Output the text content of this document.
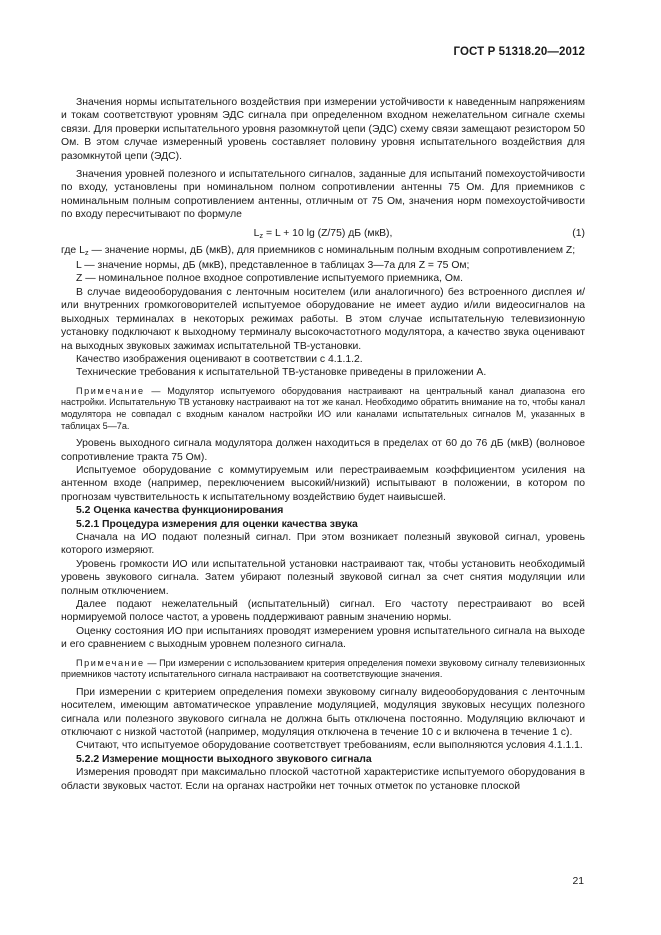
ГОСТ Р 51318.20—2012

Значения нормы испытательного воздействия при измерении устойчивости к наведенным напряжениям и токам соответствуют уровням ЭДС сигнала при определенном входном нежелательном сигнале схемы связи. Для проверки испытательного уровня разомкнутой цепи (ЭДС) схему связи замещают резистором 50 Ом. В этом случае измеренный уровень составляет половину уровня испытательного воздействия для разомкнутой цепи (ЭДС).

Значения уровней полезного и испытательного сигналов, заданные для испытаний помехоустойчивости по входу, установлены при номинальном полном сопротивлении антенны 75 Ом. Для приемников с номинальным полным сопротивлением антенны, отличным от 75 Ом, значения норм помехоустойчивости по входу пересчитывают по формуле

$L_z = L + 10$ lg (Z/75) дБ (мкВ),	(1)

где $L_z$ — значение нормы, дБ (мкВ), для приемников с номинальным полным входным сопротивлением Z;

L — значение нормы, дБ (мкВ), представленное в таблицах 3—7а для Z = 75 Ом;

Z — номинальное полное входное сопротивление испытуемого приемника, Ом.

В случае видеооборудования с ленточным носителем (или аналогичного) без встроенного дисплея и/или внутренних громкоговорителей испытуемое оборудование не имеет аудио и/или видеосигналов на выходных терминалах в некоторых режимах работы. В этом случае испытательную телевизионную установку подключают к выходному терминалу высокочастотного модулятора, а качество звука оценивают на выходных звуковых зажимах испытательной ТВ-установки.

Качество изображения оценивают в соответствии с 4.1.1.2.

Технические требования к испытательной ТВ-установке приведены в приложении А.

Примечание — Модулятор испытуемого оборудования настраивают на центральный канал диапазона его настройки. Испытательную ТВ установку настраивают на тот же канал. Необходимо обратить внимание на то, чтобы канал модулятора не совпадал с входным каналом настройки ИО или каналами испытательных сигналов М, указанных в таблицах 5—7а.

Уровень выходного сигнала модулятора должен находиться в пределах от 60 до 76 дБ (мкВ) (волновое сопротивление тракта 75 Ом).

Испытуемое оборудование с коммутируемым или перестраиваемым коэффициентом усиления на антенном входе (например, переключением высокий/низкий) испытывают в положении, в котором по прогнозам чувствительность к испытательному воздействию будет наивысшей.

5.2 Оценка качества функционирования

5.2.1 Процедура измерения для оценки качества звука

Сначала на ИО подают полезный сигнал. При этом возникает полезный звуковой сигнал, уровень которого измеряют.

Уровень громкости ИО или испытательной установки настраивают так, чтобы установить необходимый уровень звукового сигнала. Затем убирают полезный звуковой сигнал за счет снятия модуляции или полным отключением.

Далее подают нежелательный (испытательный) сигнал. Его частоту перестраивают во всей нормируемой полосе частот, а уровень поддерживают равным значению нормы.

Оценку состояния ИО при испытаниях проводят измерением уровня испытательного сигнала на выходе и его сравнением с выходным уровнем полезного сигнала.

Примечание — При измерении с использованием критерия определения помехи звуковому сигналу телевизионных приемников частоту испытательного сигнала настраивают на соответствующие значения.

При измерении с критерием определения помехи звуковому сигналу видеооборудования с ленточным носителем, имеющим автоматическое управление модуляцией, модуляция звуковых несущих полезного сигнала или полезного звукового сигнала не должна быть отключена постоянно. Модуляцию включают и отключают с низкой частотой (например, модуляция отключена в течение 10 с и включена в течение 1 с).

Считают, что испытуемое оборудование соответствует требованиям, если выполняются условия 4.1.1.1.

5.2.2 Измерение мощности выходного звукового сигнала

Измерения проводят при максимально плоской частотной характеристике испытуемого оборудования в области звуковых частот. Если на органах настройки нет точных отметок по установке плоской

21
